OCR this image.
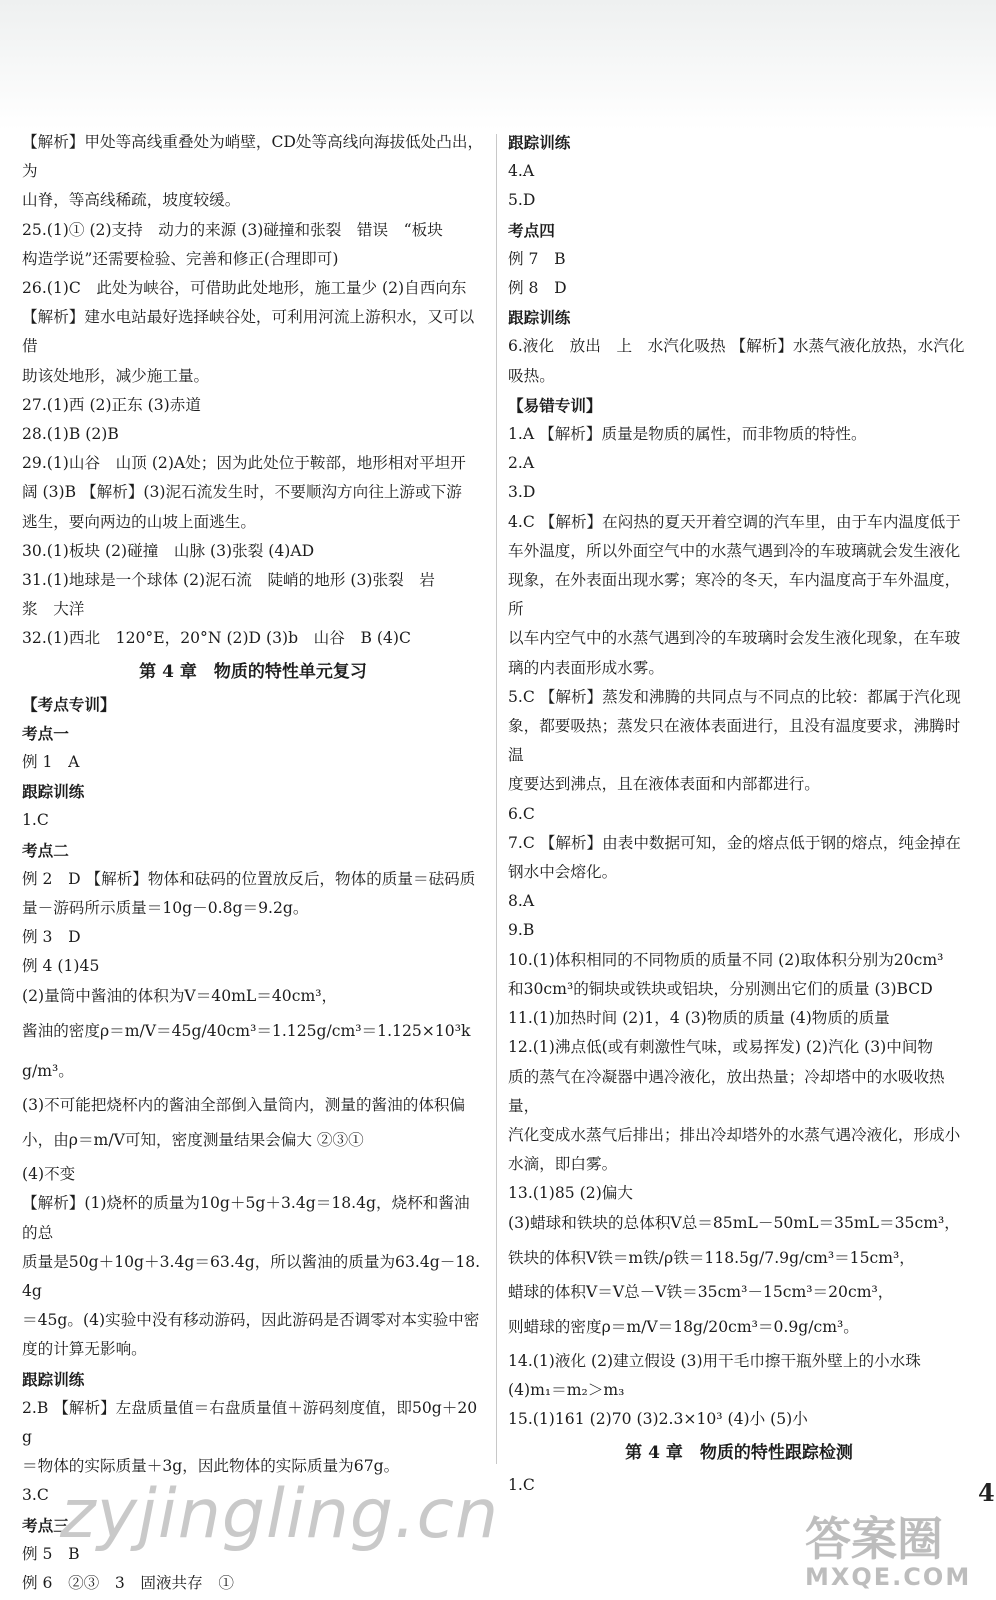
【解析】甲处等高线重叠处为峭壁，CD处等高线向海拔低处凸出，为

山脊，等高线稀疏，坡度较缓。

25.(1)① (2)支持　动力的来源 (3)碰撞和张裂　错误　“板块

构造学说”还需要检验、完善和修正(合理即可)

26.(1)C　此处为峡谷，可借助此处地形，施工量少 (2)自西向东

【解析】建水电站最好选择峡谷处，可利用河流上游积水，又可以借

助该处地形，减少施工量。

27.(1)西 (2)正东 (3)赤道

28.(1)B (2)B

29.(1)山谷　山顶 (2)A处；因为此处位于鞍部，地形相对平坦开

阔 (3)B 【解析】(3)泥石流发生时，不要顺沟方向往上游或下游

逃生，要向两边的山坡上面逃生。

30.(1)板块 (2)碰撞　山脉 (3)张裂 (4)AD

31.(1)地球是一个球体 (2)泥石流　陡峭的地形 (3)张裂　岩

浆　大洋

32.(1)西北　120°E，20°N (2)D (3)b　山谷　B (4)C

第 4 章　物质的特性单元复习

【考点专训】

考点一

例 1　A

跟踪训练

1.C

考点二

例 2　D 【解析】物体和砝码的位置放反后，物体的质量＝砝码质

量－游码所示质量＝10g－0.8g＝9.2g。

例 3　D

例 4 (1)45

(2)量筒中酱油的体积为V＝40mL＝40cm³，

酱油的密度ρ＝m/V＝45g/40cm³＝1.125g/cm³＝1.125×10³kg/m³。

(3)不可能把烧杯内的酱油全部倒入量筒内，测量的酱油的体积偏

小，由ρ＝m/V可知，密度测量结果会偏大 ②③①

(4)不变

【解析】(1)烧杯的质量为10g＋5g＋3.4g＝18.4g，烧杯和酱油的总

质量是50g＋10g＋3.4g＝63.4g，所以酱油的质量为63.4g－18.4g

＝45g。(4)实验中没有移动游码，因此游码是否调零对本实验中密

度的计算无影响。

跟踪训练

2.B 【解析】左盘质量值＝右盘质量值＋游码刻度值，即50g＋20g

＝物体的实际质量＋3g，因此物体的实际质量为67g。

3.C

考点三

例 5　B

例 6　②③　3　固液共存　①

跟踪训练

4.A

5.D

考点四

例 7　B

例 8　D

跟踪训练

6.液化　放出　上　水汽化吸热 【解析】水蒸气液化放热，水汽化

吸热。

【易错专训】

1.A 【解析】质量是物质的属性，而非物质的特性。

2.A

3.D

4.C 【解析】在闷热的夏天开着空调的汽车里，由于车内温度低于

车外温度，所以外面空气中的水蒸气遇到冷的车玻璃就会发生液化

现象，在外表面出现水雾；寒冷的冬天，车内温度高于车外温度，所

以车内空气中的水蒸气遇到冷的车玻璃时会发生液化现象，在车玻

璃的内表面形成水雾。

5.C 【解析】蒸发和沸腾的共同点与不同点的比较：都属于汽化现

象，都要吸热；蒸发只在液体表面进行，且没有温度要求，沸腾时温

度要达到沸点，且在液体表面和内部都进行。

6.C

7.C 【解析】由表中数据可知，金的熔点低于钢的熔点，纯金掉在

钢水中会熔化。

8.A

9.B

10.(1)体积相同的不同物质的质量不同 (2)取体积分别为20cm³

和30cm³的铜块或铁块或铝块，分别测出它们的质量 (3)BCD

11.(1)加热时间 (2)1，4 (3)物质的质量 (4)物质的质量

12.(1)沸点低(或有刺激性气味，或易挥发) (2)汽化 (3)中间物

质的蒸气在冷凝器中遇冷液化，放出热量；冷却塔中的水吸收热量，

汽化变成水蒸气后排出；排出冷却塔外的水蒸气遇冷液化，形成小

水滴，即白雾。

13.(1)85 (2)偏大

(3)蜡球和铁块的总体积V总＝85mL－50mL＝35mL＝35cm³，

铁块的体积V铁＝m铁/ρ铁＝118.5g/7.9g/cm³＝15cm³，

蜡球的体积V＝V总－V铁＝35cm³－15cm³＝20cm³，

则蜡球的密度ρ＝m/V＝18g/20cm³＝0.9g/cm³。

14.(1)液化 (2)建立假设 (3)用干毛巾擦干瓶外壁上的小水珠

(4)m₁＝m₂＞m₃

15.(1)161 (2)70 (3)2.3×10³ (4)小 (5)小

第 4 章　物质的特性跟踪检测

1.C

zyjingling.cn	答案圈
MXQE.COM
4
